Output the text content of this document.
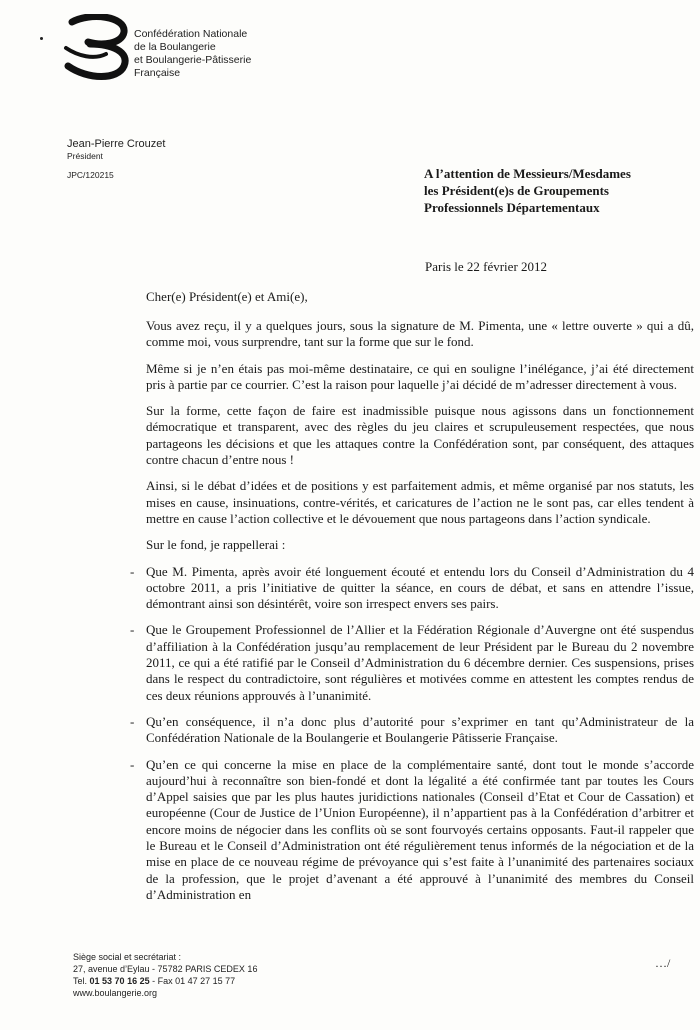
Confédération Nationale
de la Boulangerie
et Boulangerie-Pâtisserie
Française
Jean-Pierre Crouzet
Président
JPC/120215	A l’attention de Messieurs/Mesdames
les Président(e)s de Groupements
Professionnels Départementaux
Paris le 22 février 2012
Cher(e) Président(e) et Ami(e),

Vous avez reçu, il y a quelques jours, sous la signature de M. Pimenta, une « lettre ouverte » qui a dû, comme moi, vous surprendre, tant sur la forme que sur le fond.

Même si je n’en étais pas moi-même destinataire, ce qui en souligne l’inélégance, j’ai été directement pris à partie par ce courrier. C’est la raison pour laquelle j’ai décidé de m’adresser directement à vous.

Sur la forme, cette façon de faire est inadmissible puisque nous agissons dans un fonctionnement démocratique et transparent, avec des règles du jeu claires et scrupuleusement respectées, que nous partageons les décisions et que les attaques contre la Confédération sont, par conséquent, des attaques contre chacun d’entre nous !

Ainsi, si le débat d’idées et de positions y est parfaitement admis, et même organisé par nos statuts, les mises en cause, insinuations, contre-vérités, et caricatures de l’action ne le sont pas, car elles tendent à mettre en cause l’action collective et le dévouement que nous partageons dans l’action syndicale.

Sur le fond, je rappellerai :

- Que M. Pimenta, après avoir été longuement écouté et entendu lors du Conseil d’Administration du 4 octobre 2011, a pris l’initiative de quitter la séance, en cours de débat, et sans en attendre l’issue, démontrant ainsi son désintérêt, voire son irrespect envers ses pairs.
- Que le Groupement Professionnel de l’Allier et la Fédération Régionale d’Auvergne ont été suspendus d’affiliation à la Confédération jusqu’au remplacement de leur Président par le Bureau du 2 novembre 2011, ce qui a été ratifié par le Conseil d’Administration du 6 décembre dernier. Ces suspensions, prises dans le respect du contradictoire, sont régulières et motivées comme en attestent les comptes rendus de ces deux réunions approuvés à l’unanimité.
- Qu’en conséquence, il n’a donc plus d’autorité pour s’exprimer en tant qu’Administrateur de la Confédération Nationale de la Boulangerie et Boulangerie Pâtisserie Française.
- Qu’en ce qui concerne la mise en place de la complémentaire santé, dont tout le monde s’accorde aujourd’hui à reconnaître son bien-fondé et dont la légalité a été confirmée tant par toutes les Cours d’Appel saisies que par les plus hautes juridictions nationales (Conseil d’Etat et Cour de Cassation) et européenne (Cour de Justice de l’Union Européenne), il n’appartient pas à la Confédération d’arbitrer et encore moins de négocier dans les conflits où se sont fourvoyés certains opposants. Faut-il rappeler que le Bureau et le Conseil d’Administration ont été régulièrement tenus informés de la négociation et de la mise en place de ce nouveau régime de prévoyance qui s’est faite à l’unanimité des partenaires sociaux de la profession, que le projet d’avenant a été approuvé à l’unanimité des membres du Conseil d’Administration en
Siège social et secrétariat :
27, avenue d’Eylau - 75782 PARIS CEDEX 16
Tel. 01 53 70 16 25 - Fax 01 47 27 15 77
www.boulangerie.org
…/
